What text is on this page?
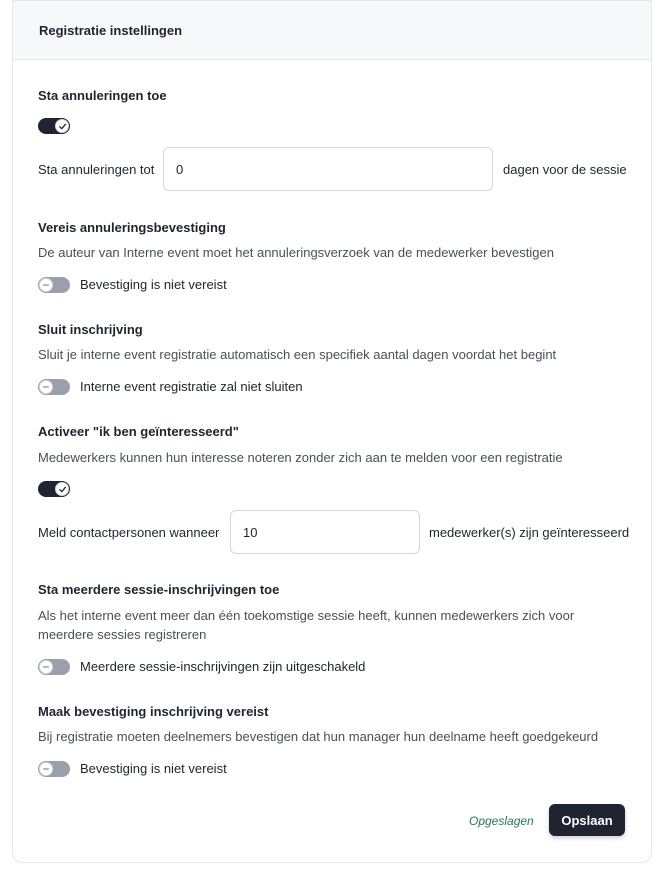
Registratie instellingen
Sta annuleringen toe
Sta annuleringen tot
0	dagen voor de sessie
Vereis annuleringsbevestiging
De auteur van Interne event moet het annuleringsverzoek van de medewerker bevestigen
Bevestiging is niet vereist
Sluit inschrijving
Sluit je interne event registratie automatisch een specifiek aantal dagen voordat het begint
Interne event registratie zal niet sluiten
Activeer "ik ben geïnteresseerd"
Medewerkers kunnen hun interesse noteren zonder zich aan te melden voor een registratie
Meld contactpersonen wanneer
10	medewerker(s) zijn geïnteresseerd
Sta meerdere sessie-inschrijvingen toe
Als het interne event meer dan één toekomstige sessie heeft, kunnen medewerkers zich voor
meerdere sessies registreren
Meerdere sessie-inschrijvingen zijn uitgeschakeld
Maak bevestiging inschrijving vereist
Bij registratie moeten deelnemers bevestigen dat hun manager hun deelname heeft goedgekeurd
Bevestiging is niet vereist
Opgeslagen	Opslaan
